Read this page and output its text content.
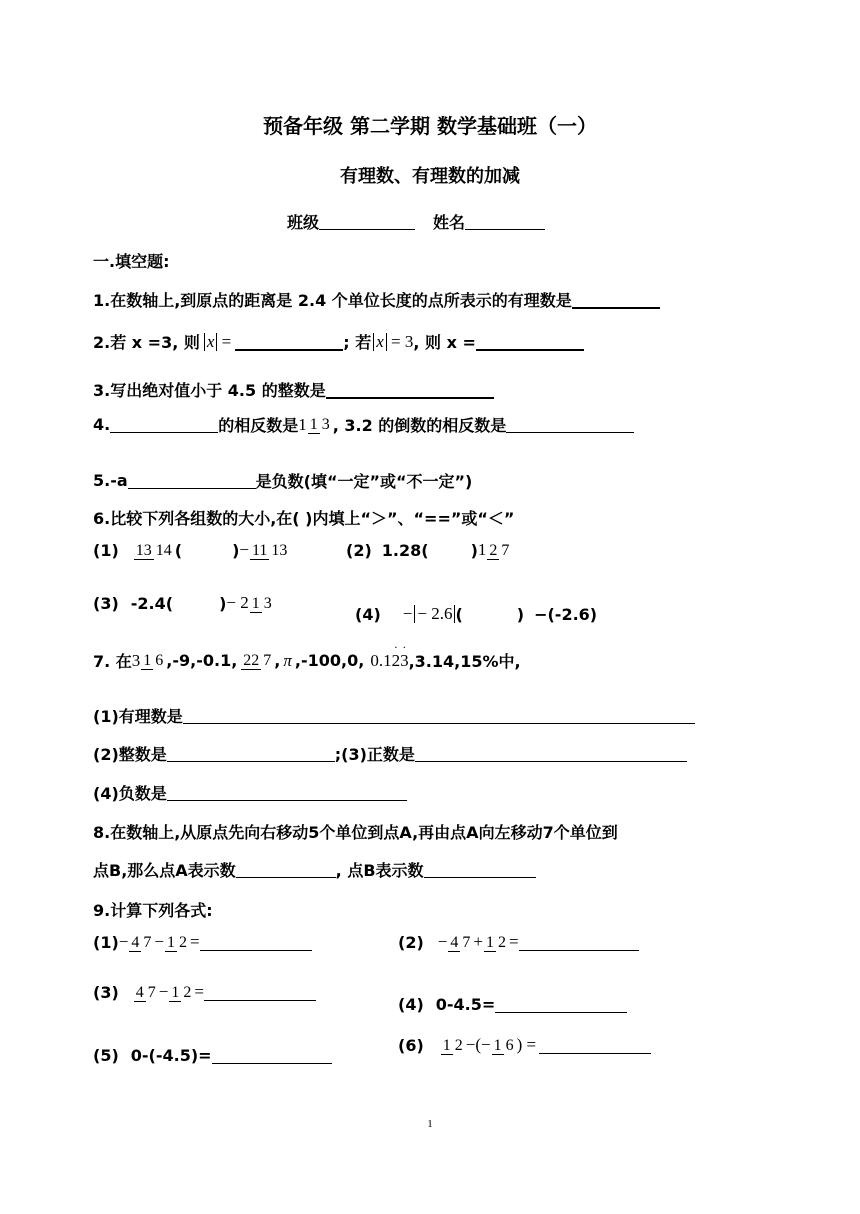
预备年级 第二学期 数学基础班（一）
有理数、有理数的加减
班级	姓名
一.填空题:
1.在数轴上,到原点的距离是 2.4 个单位长度的点所表示的有理数是
2.若 x =3, 则 x =	; 若 x = 3 , 则 x =
3.写出绝对值小于 4.5 的整数是
4.	的相反数是 1 1 3 , 3.2 的倒数的相反数是
5.-a	是负数(填“一定”或“不一定”)
6.比较下列各组数的大小,在( )内填上“＞”、“==”或“＜”
(1) 13 14 (	) − 11 13	(2) 1.28(	) 1 2 7
(3) -2.4(	) − 2 1 3
(4) − − 2.6 (	) −(-2.6)
7. 在 3 1 6 ,-9,-0.1, 22 7 , π ,-100,0, 0.1· 2· 3 ,3.14,15%中,
(1)有理数是
(2)整数是	;(3)正数是
(4)负数是
8.在数轴上,从原点先向右移动5个单位到点A,再由点A向左移动7个单位到
点B,那么点A表示数	, 点B表示数
9.计算下列各式:
(1) − 4 7 − 1 2 =	(2) − 4 7 + 1 2 =
(3) 4 7 − 1 2 =
(4) 0-4.5=
(5) 0-(-4.5)=
(6) 1 2 −(− 1 6 ) =
1
